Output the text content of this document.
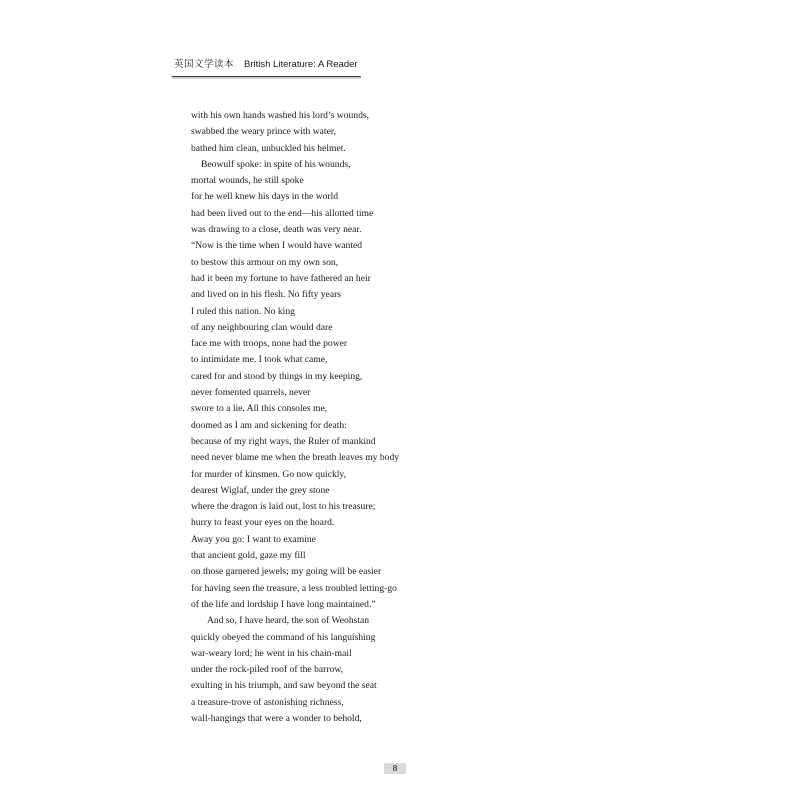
英国文学读本 British Literature: A Reader
with his own hands washed his lord’s wounds,
swabbed the weary prince with water,
bathed him clean, unbuckled his helmet.
Beowulf spoke: in spite of his wounds,
mortal wounds, he still spoke
for he well knew his days in the world
had been lived out to the end—his allotted time
was drawing to a close, death was very near.
“Now is the time when I would have wanted
to bestow this armour on my own son,
had it been my fortune to have fathered an heir
and lived on in his flesh. No fifty years
I ruled this nation. No king
of any neighbouring clan would dare
face me with troops, none had the power
to intimidate me. I took what came,
cared for and stood by things in my keeping,
never fomented quarrels, never
swore to a lie. All this consoles me,
doomed as I am and sickening for death:
because of my right ways, the Ruler of mankind
need never blame me when the breath leaves my body
for murder of kinsmen. Go now quickly,
dearest Wiglaf, under the grey stone
where the dragon is laid out, lost to his treasure;
hurry to feast your eyes on the hoard.
Away you go: I want to examine
that ancient gold, gaze my fill
on those garnered jewels; my going will be easier
for having seen the treasure, a less troubled letting-go
of the life and lordship I have long maintained.”
And so, I have heard, the son of Weohstan
quickly obeyed the command of his languishing
war-weary lord; he went in his chain-mail
under the rock-piled roof of the barrow,
exulting in his triumph, and saw beyond the seat
a treasure-trove of astonishing richness,
wall-hangings that were a wonder to behold,
8
